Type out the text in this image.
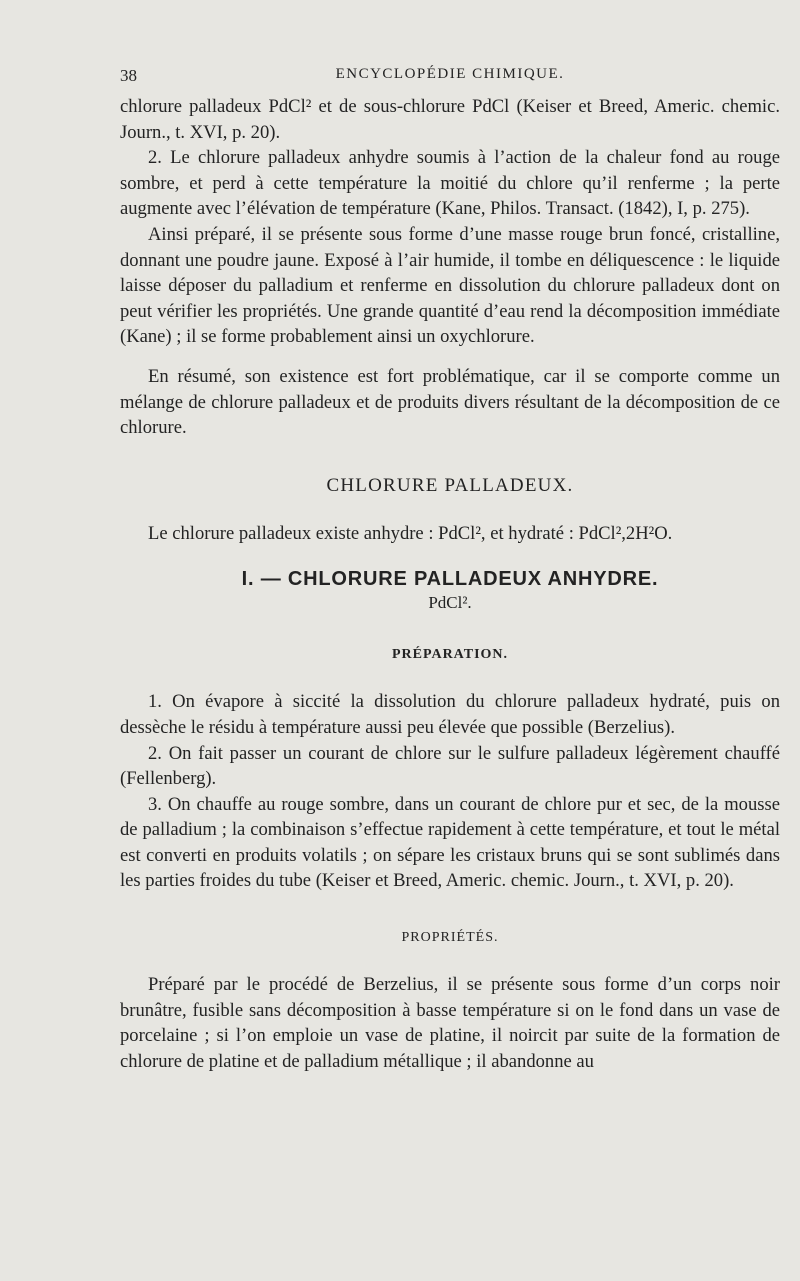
38	ENCYCLOPÉDIE CHIMIQUE.

chlorure palladeux PdCl² et de sous-chlorure PdCl (Keiser et Breed, Americ. chemic. Journ., t. XVI, p. 20).

2. Le chlorure palladeux anhydre soumis à l’action de la chaleur fond au rouge sombre, et perd à cette température la moitié du chlore qu’il renferme ; la perte augmente avec l’élévation de température (Kane, Philos. Transact. (1842), I, p. 275).

Ainsi préparé, il se présente sous forme d’une masse rouge brun foncé, cristalline, donnant une poudre jaune. Exposé à l’air humide, il tombe en déliquescence : le liquide laisse déposer du palladium et renferme en dissolution du chlorure palladeux dont on peut vérifier les propriétés. Une grande quantité d’eau rend la décomposition immédiate (Kane) ; il se forme probablement ainsi un oxychlorure.

En résumé, son existence est fort problématique, car il se comporte comme un mélange de chlorure palladeux et de produits divers résultant de la décomposition de ce chlorure.

CHLORURE PALLADEUX.

Le chlorure palladeux existe anhydre : PdCl², et hydraté : PdCl²,2H²O.

I. — CHLORURE PALLADEUX ANHYDRE.
PdCl².
PRÉPARATION.

1. On évapore à siccité la dissolution du chlorure palladeux hydraté, puis on dessèche le résidu à température aussi peu élevée que possible (Berzelius).

2. On fait passer un courant de chlore sur le sulfure palladeux légèrement chauffé (Fellenberg).

3. On chauffe au rouge sombre, dans un courant de chlore pur et sec, de la mousse de palladium ; la combinaison s’effectue rapidement à cette température, et tout le métal est converti en produits volatils ; on sépare les cristaux bruns qui se sont sublimés dans les parties froides du tube (Keiser et Breed, Americ. chemic. Journ., t. XVI, p. 20).

PROPRIÉTÉS.

Préparé par le procédé de Berzelius, il se présente sous forme d’un corps noir brunâtre, fusible sans décomposition à basse température si on le fond dans un vase de porcelaine ; si l’on emploie un vase de platine, il noircit par suite de la formation de chlorure de platine et de palladium métallique ; il abandonne au
